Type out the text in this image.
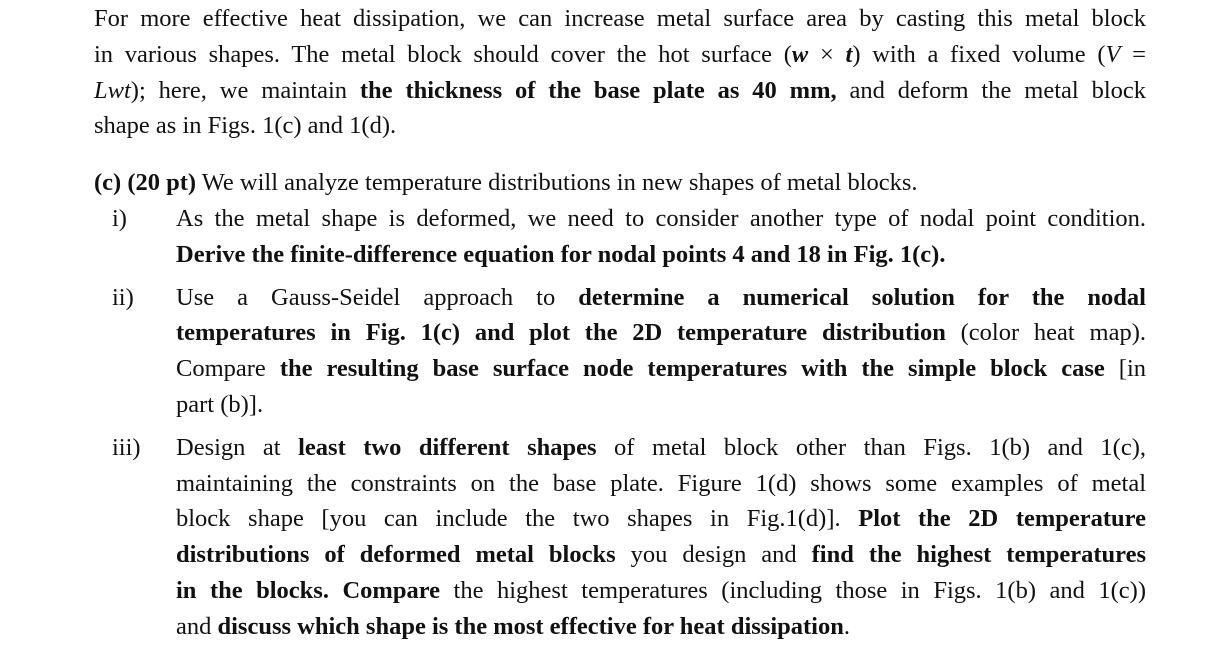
For more effective heat dissipation, we can increase metal surface area by casting this metal block
in various shapes. The metal block should cover the hot surface (w × t) with a fixed volume (V =
Lwt); here, we maintain the thickness of the base plate as 40 mm, and deform the metal block
shape as in Figs. 1(c) and 1(d).
(c) (20 pt) We will analyze temperature distributions in new shapes of metal blocks.
i)	As the metal shape is deformed, we need to consider another type of nodal point condition.
Derive the finite-difference equation for nodal points 4 and 18 in Fig. 1(c).
ii)	Use a Gauss-Seidel approach to determine a numerical solution for the nodal
temperatures in Fig. 1(c) and plot the 2D temperature distribution (color heat map).
Compare the resulting base surface node temperatures with the simple block case [in
part (b)].
iii)	Design at least two different shapes of metal block other than Figs. 1(b) and 1(c),
maintaining the constraints on the base plate. Figure 1(d) shows some examples of metal
block shape [you can include the two shapes in Fig.1(d)]. Plot the 2D temperature
distributions of deformed metal blocks you design and find the highest temperatures
in the blocks. Compare the highest temperatures (including those in Figs. 1(b) and 1(c))
and discuss which shape is the most effective for heat dissipation.
